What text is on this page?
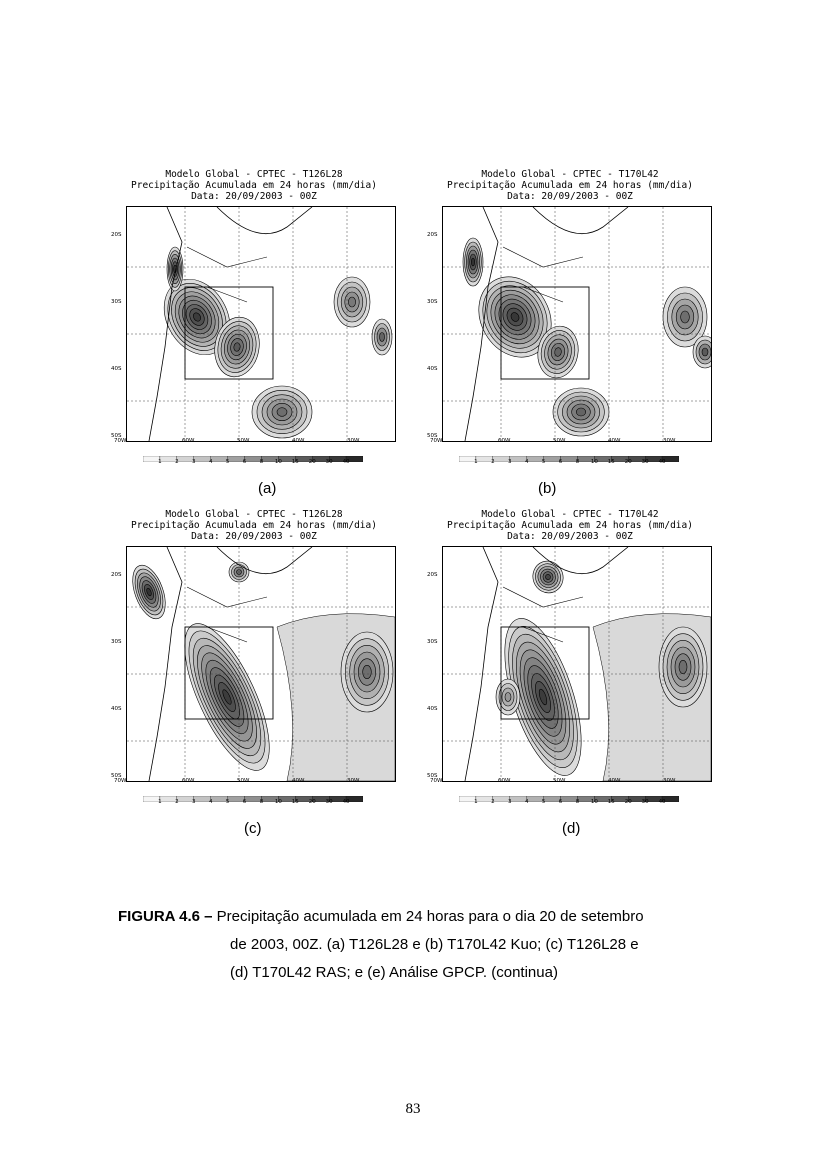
Modelo Global - CPTEC - T126L28
Precipitação Acumulada em 24 horas (mm/dia)
Data: 20/09/2003 - 00Z
20S
30S
40S
50S
70W	60W	50W	40W	30W
1 2 3 4 5 6 8 10 15 20 30 40
(a)
Modelo Global - CPTEC - T170L42
Precipitação Acumulada em 24 horas (mm/dia)
Data: 20/09/2003 - 00Z
20S
30S
40S
50S
70W	60W	50W	40W	30W
1 2 3 4 5 6 8 10 15 20 30 40
(b)
Modelo Global - CPTEC - T126L28
Precipitação Acumulada em 24 horas (mm/dia)
Data: 20/09/2003 - 00Z
20S
30S
40S
50S
70W	60W	50W	40W	30W
1 2 3 4 5 6 8 10 15 20 30 40
(c)
Modelo Global - CPTEC - T170L42
Precipitação Acumulada em 24 horas (mm/dia)
Data: 20/09/2003 - 00Z
20S
30S
40S
50S
70W	60W	50W	40W	30W
1 2 3 4 5 6 8 10 15 20 30 40
(d)
FIGURA 4.6 – Precipitação acumulada em 24 horas para o dia 20 de setembro
de 2003, 00Z. (a) T126L28 e (b) T170L42 Kuo; (c) T126L28 e
(d) T170L42 RAS; e (e) Análise GPCP. (continua)
83
